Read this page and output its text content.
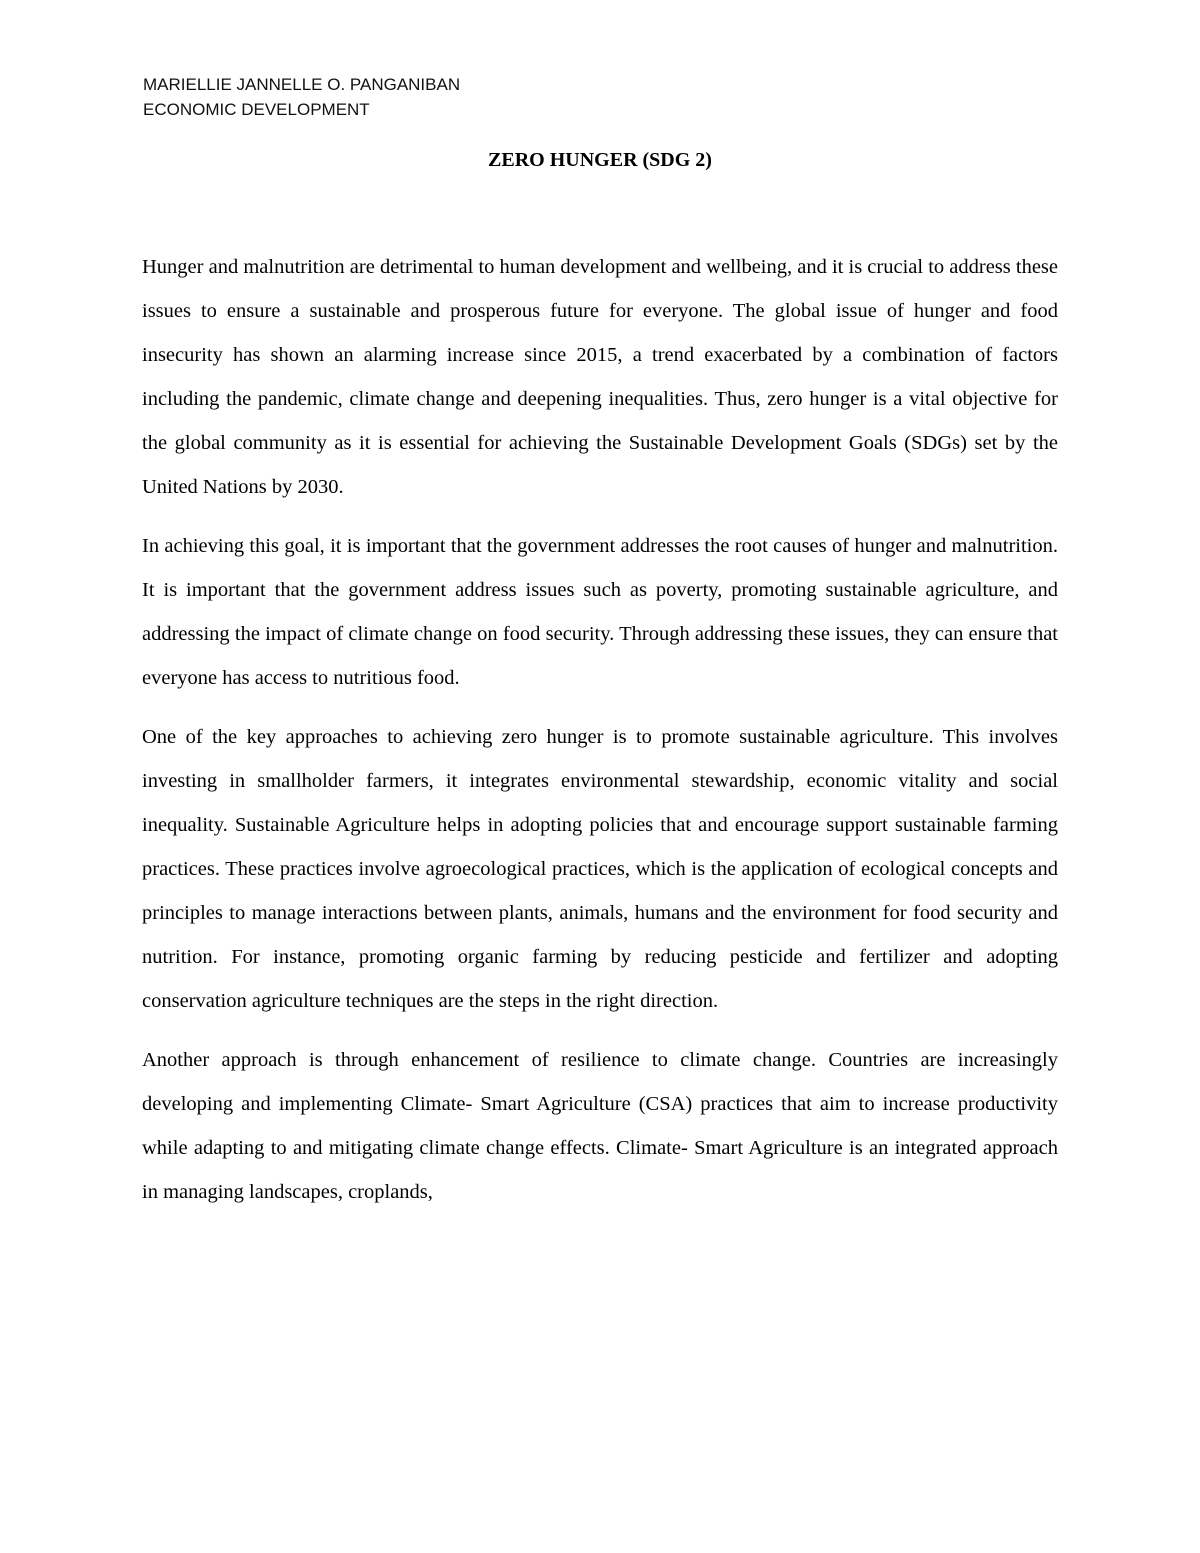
MARIELLIE JANNELLE O. PANGANIBAN
ECONOMIC DEVELOPMENT
ZERO HUNGER (SDG 2)

Hunger and malnutrition are detrimental to human development and wellbeing, and it is crucial to address these issues to ensure a sustainable and prosperous future for everyone. The global issue of hunger and food insecurity has shown an alarming increase since 2015, a trend exacerbated by a combination of factors including the pandemic, climate change and deepening inequalities. Thus, zero hunger is a vital objective for the global community as it is essential for achieving the Sustainable Development Goals (SDGs) set by the United Nations by 2030.

In achieving this goal, it is important that the government addresses the root causes of hunger and malnutrition. It is important that the government address issues such as poverty, promoting sustainable agriculture, and addressing the impact of climate change on food security. Through addressing these issues, they can ensure that everyone has access to nutritious food.

One of the key approaches to achieving zero hunger is to promote sustainable agriculture. This involves investing in smallholder farmers, it integrates environmental stewardship, economic vitality and social inequality. Sustainable Agriculture helps in adopting policies that and encourage support sustainable farming practices. These practices involve agroecological practices, which is the application of ecological concepts and principles to manage interactions between plants, animals, humans and the environment for food security and nutrition. For instance, promoting organic farming by reducing pesticide and fertilizer and adopting conservation agriculture techniques are the steps in the right direction.

Another approach is through enhancement of resilience to climate change. Countries are increasingly developing and implementing Climate- Smart Agriculture (CSA) practices that aim to increase productivity while adapting to and mitigating climate change effects. Climate- Smart Agriculture is an integrated approach in managing landscapes, croplands,
